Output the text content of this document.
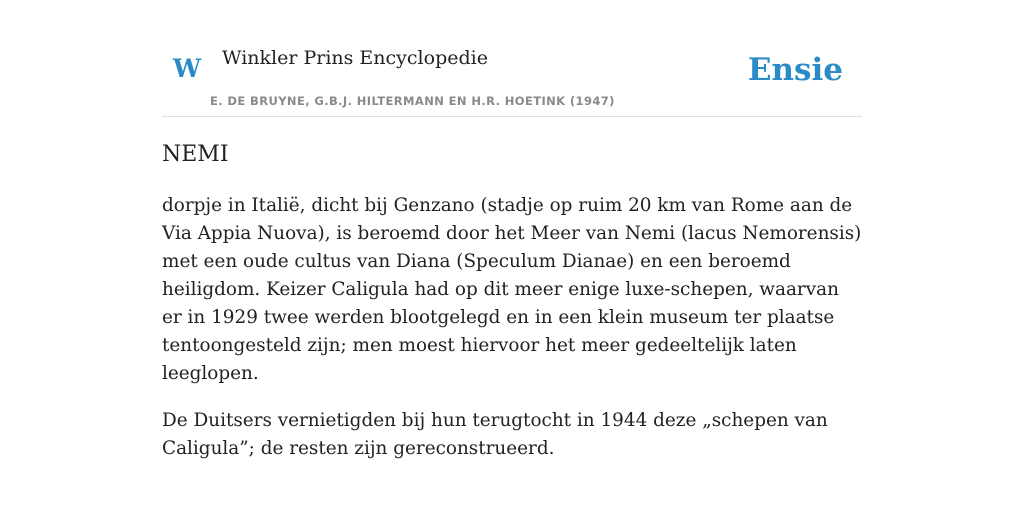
W Winkler Prins Encyclopedie
E. DE BRUYNE, G.B.J. HILTERMANN EN H.R. HOETINK (1947)
Ensie
NEMI

dorpje in Italië, dicht bij Genzano (stadje op ruim 20 km van Rome aan de Via Appia Nuova), is beroemd door het Meer van Nemi (lacus Nemorensis) met een oude cultus van Diana (Speculum Dianae) en een beroemd heiligdom. Keizer Caligula had op dit meer enige luxe-schepen, waarvan er in 1929 twee werden blootgelegd en in een klein museum ter plaatse tentoongesteld zijn; men moest hiervoor het meer gedeeltelijk laten leeglopen.

De Duitsers vernietigden bij hun terugtocht in 1944 deze „schepen van Caligula”; de resten zijn gereconstrueerd.
